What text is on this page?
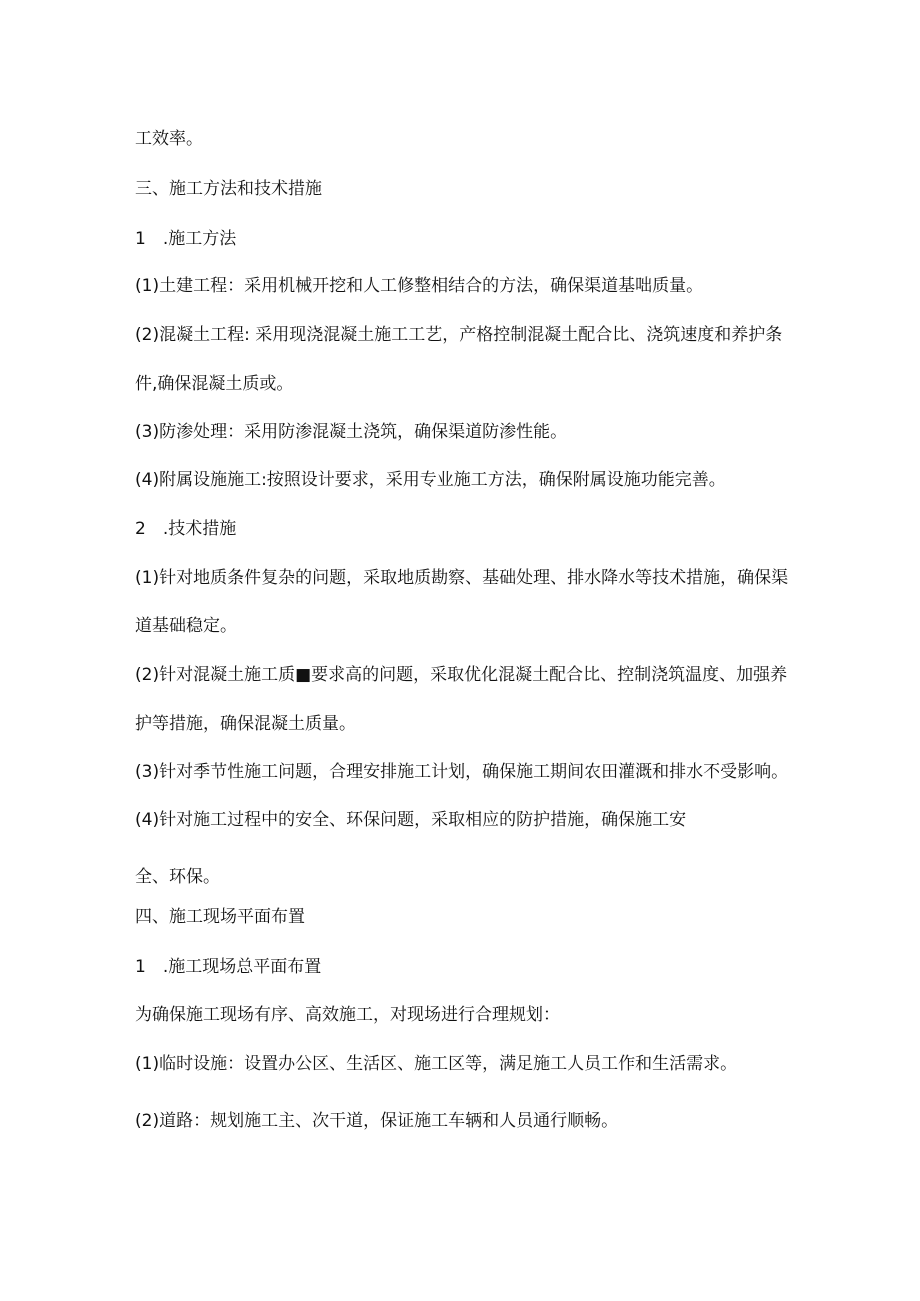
工效率。
三、施工方法和技术措施
1　.施工方法
(1)土建工程：采用机械开挖和人工修整相结合的方法，确保渠道基咄质量。
(2)混凝土工程: 采用现浇混凝土施工工艺，产格控制混凝土配合比、浇筑速度和养护条
件,确保混凝土质或。
(3)防渗处理：采用防渗混凝土浇筑，确保渠道防渗性能。
(4)附属设施施工:按照设计要求，采用专业施工方法，确保附属设施功能完善。
2　.技术措施
(1)针对地质条件复杂的问题，采取地质勘察、基础处理、排水降水等技术措施，确保渠
道基础稳定。
(2)针对混凝土施工质■要求高的问题，采取优化混凝土配合比、控制浇筑温度、加强养
护等措施，确保混凝土质量。
(3)针对季节性施工问题，合理安排施工计划，确保施工期间农田灌溉和排水不受影响。
(4)针对施工过程中的安全、环保问题，采取相应的防护措施，确保施工安
全、环保。
四、施工现场平面布置
1　.施工现场总平面布置
为确保施工现场有序、高效施工，对现场进行合理规划：
(1)临时设施：设置办公区、生活区、施工区等，满足施工人员工作和生活需求。
(2)道路：规划施工主、次干道，保证施工车辆和人员通行顺畅。
